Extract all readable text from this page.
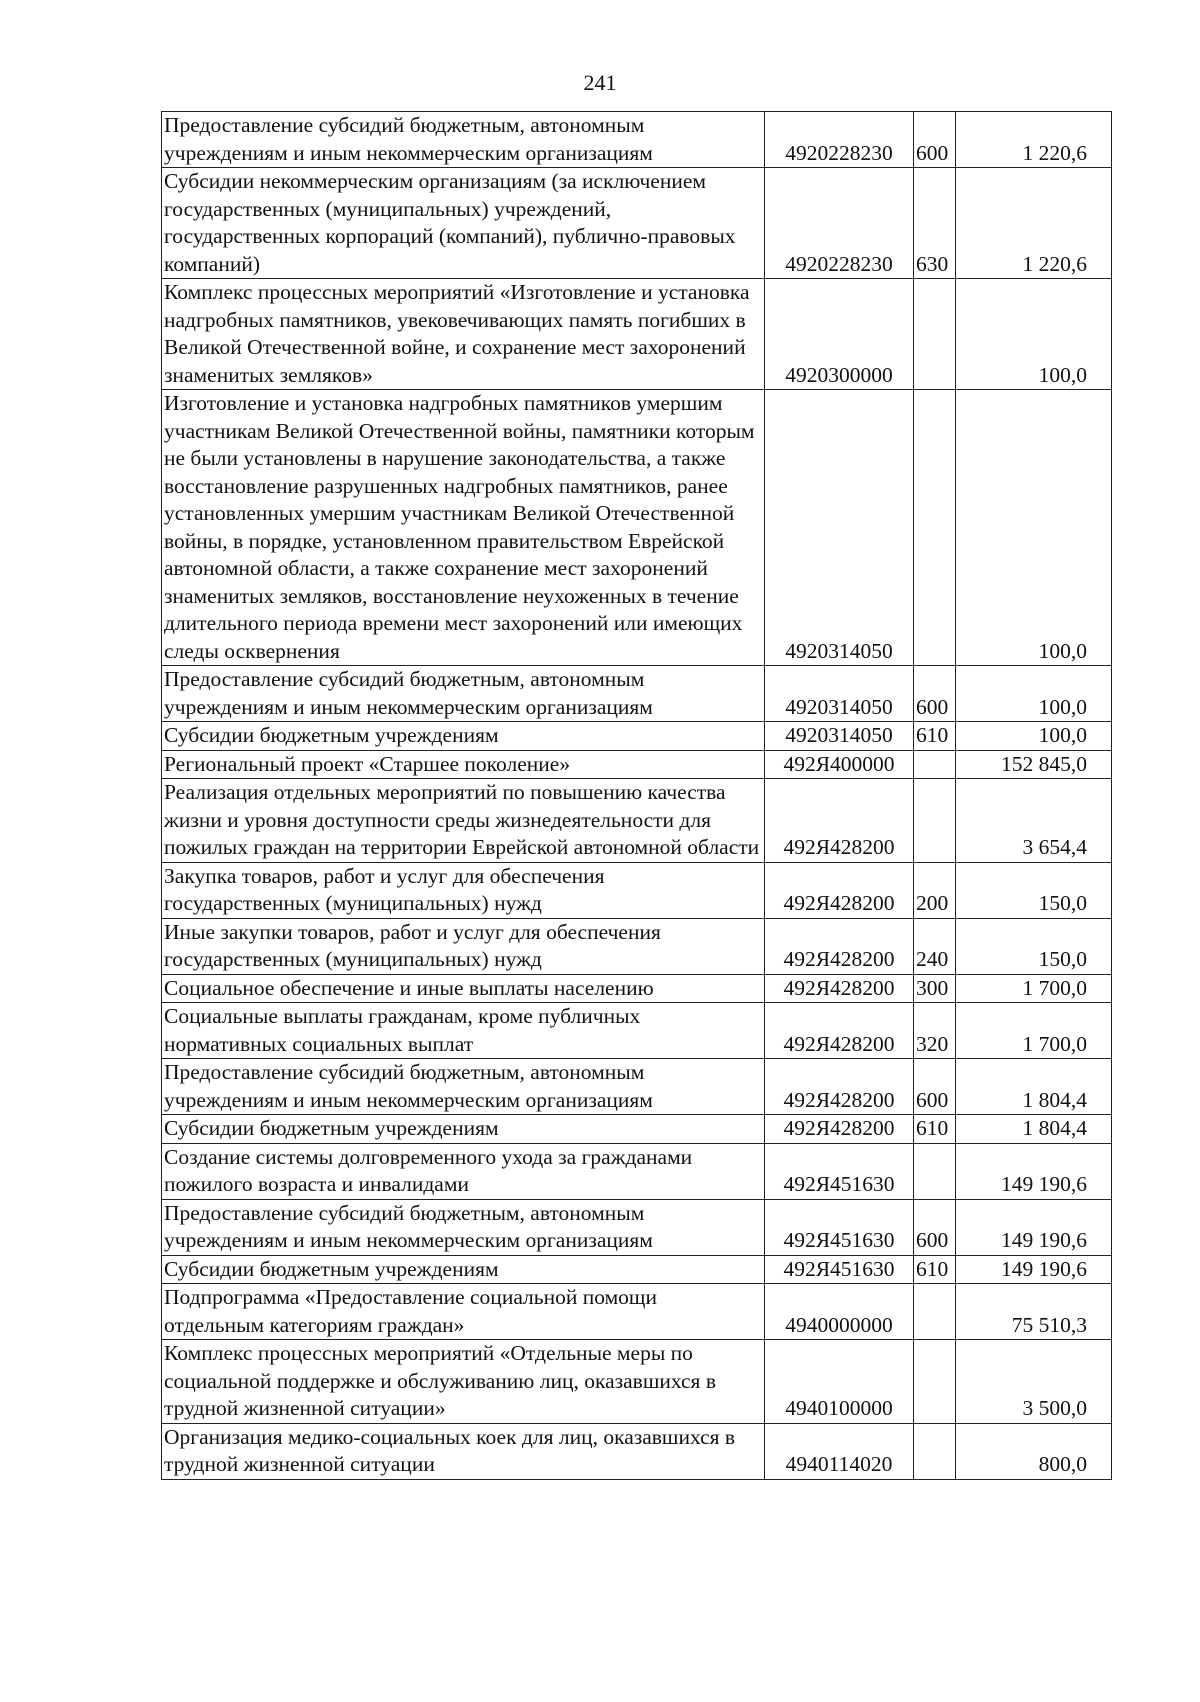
241
Предоставление субсидий бюджетным, автономным учреждениям и иным некоммерческим организациям	4920228230	600	1 220,6
Субсидии некоммерческим организациям (за исключением государственных (муниципальных) учреждений, государственных корпораций (компаний), публично-правовых компаний)	4920228230	630	1 220,6
Комплекс процессных мероприятий «Изготовление и установка надгробных памятников, увековечивающих память погибших в Великой Отечественной войне, и сохранение мест захоронений знаменитых земляков»	4920300000		100,0
Изготовление и установка надгробных памятников умершим участникам Великой Отечественной войны, памятники которым не были установлены в нарушение законодательства, а также восстановление разрушенных надгробных памятников, ранее установленных умершим участникам Великой Отечественной войны, в порядке, установленном правительством Еврейской автономной области, а также сохранение мест захоронений знаменитых земляков, восстановление неухоженных в течение длительного периода времени мест захоронений или имеющих следы осквернения	4920314050		100,0
Предоставление субсидий бюджетным, автономным учреждениям и иным некоммерческим организациям	4920314050	600	100,0
Субсидии бюджетным учреждениям	4920314050	610	100,0
Региональный проект «Старшее поколение»	492Я400000		152 845,0
Реализация отдельных мероприятий по повышению качества жизни и уровня доступности среды жизнедеятельности для пожилых граждан на территории Еврейской автономной области	492Я428200		3 654,4
Закупка товаров, работ и услуг для обеспечения государственных (муниципальных) нужд	492Я428200	200	150,0
Иные закупки товаров, работ и услуг для обеспечения государственных (муниципальных) нужд	492Я428200	240	150,0
Социальное обеспечение и иные выплаты населению	492Я428200	300	1 700,0
Социальные выплаты гражданам, кроме публичных нормативных социальных выплат	492Я428200	320	1 700,0
Предоставление субсидий бюджетным, автономным учреждениям и иным некоммерческим организациям	492Я428200	600	1 804,4
Субсидии бюджетным учреждениям	492Я428200	610	1 804,4
Создание системы долговременного ухода за гражданами пожилого возраста и инвалидами	492Я451630		149 190,6
Предоставление субсидий бюджетным, автономным учреждениям и иным некоммерческим организациям	492Я451630	600	149 190,6
Субсидии бюджетным учреждениям	492Я451630	610	149 190,6
Подпрограмма «Предоставление социальной помощи отдельным категориям граждан»	4940000000		75 510,3
Комплекс процессных мероприятий «Отдельные меры по социальной поддержке и обслуживанию лиц, оказавшихся в трудной жизненной ситуации»	4940100000		3 500,0
Организация медико-социальных коек для лиц, оказавшихся в трудной жизненной ситуации	4940114020		800,0
